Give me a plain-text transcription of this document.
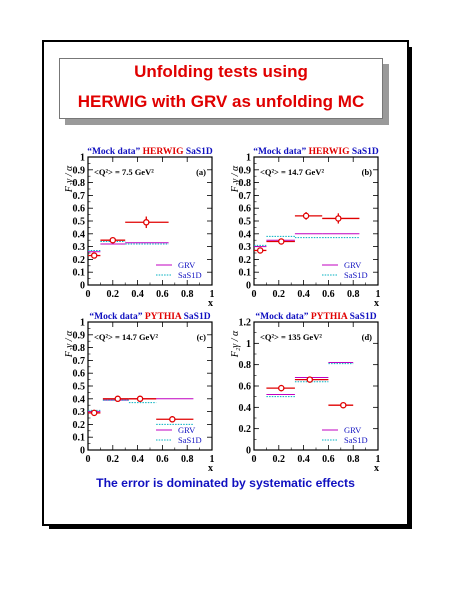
Unfolding tests using
HERWIG with GRV as unfolding MC
“Mock data” HERWIG SaS1D
0
0.1
0.2
0.3
0.4
0.5
0.6
0.7
0.8
0.9
1
0 0.2 0.4 0.6 0.8 1
x
F₂γ / α <Q²> = 7.5 GeV²	(a)
GRV
SaS1D
“Mock data” HERWIG SaS1D
0
0.1
0.2
0.3
0.4
0.5
0.6
0.7
0.8
0.9
1
0 0.2 0.4 0.6 0.8 1
x
F₂γ / α <Q²> = 14.7 GeV²	(b)
GRV
SaS1D
“Mock data” PYTHIA SaS1D
0
0.1
0.2
0.3
0.4
0.5
0.6
0.7
0.8
0.9
1
0 0.2 0.4 0.6 0.8 1
x
F₂γ / α <Q²> = 14.7 GeV²	(c)
GRV
SaS1D
“Mock data” PYTHIA SaS1D
0
0.2
0.4
0.6
0.8
1
1.2
0 0.2 0.4 0.6 0.8 1
x
F₂γ / α <Q²> = 135 GeV²	(d)
GRV
SaS1D
The error is dominated by systematic effects
